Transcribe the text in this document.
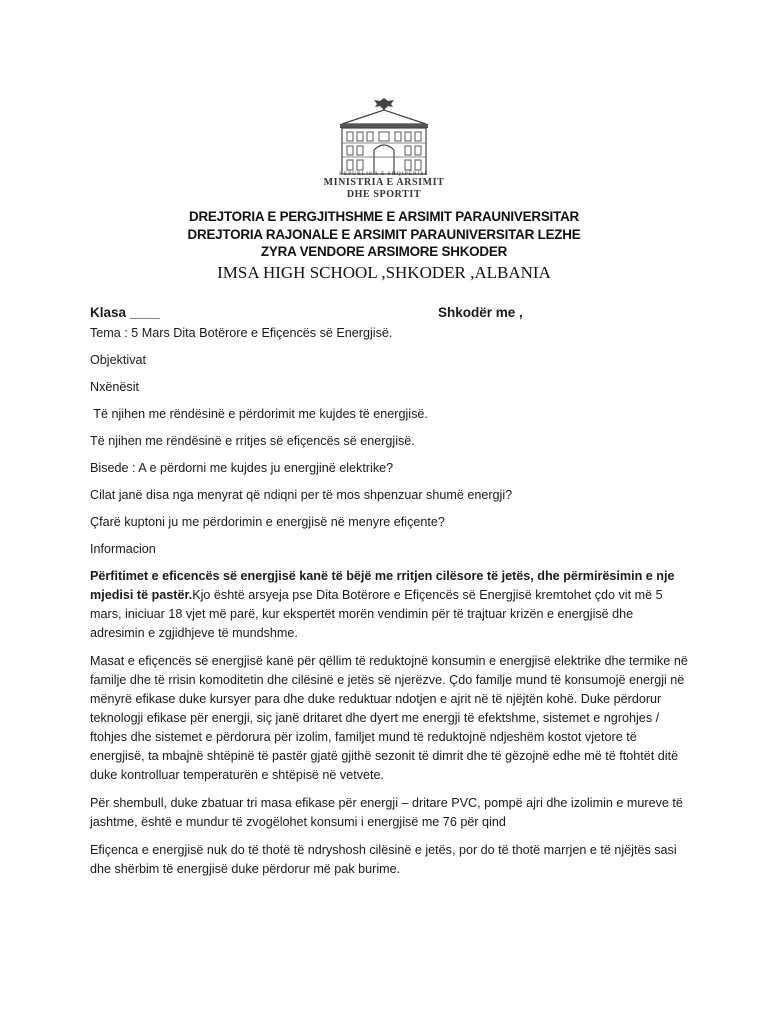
REPUBLIKA E SHQIPËRISË
MINISTRIA E ARSIMIT
DHE SPORTIT
DREJTORIA E PERGJITHSHME E ARSIMIT PARAUNIVERSITAR
DREJTORIA RAJONALE E ARSIMIT PARAUNIVERSITAR LEZHE
ZYRA VENDORE ARSIMORE SHKODER
IMSA HIGH SCHOOL ,SHKODER ,ALBANIA
Klasa ____	Shkodër me ,

Tema : 5 Mars Dita Botërore e Efiçencës së Energjisë.

Objektivat

Nxënësit

Të njihen me rëndësinë e përdorimit me kujdes të energjisë.

Të njihen me rëndësinë e rritjes së efiçencës së energjisë.

Bisede : A e përdorni me kujdes ju energjinë elektrike?

Cilat janë disa nga menyrat që ndiqni per të mos shpenzuar shumë energji?

Çfarë kuptoni ju me përdorimin e energjisë në menyre efiçente?

Informacion

Përfitimet e eficencës së energjisë kanë të bëjë me rritjen cilësore të jetës, dhe përmirësimin e nje mjedisi të pastër.Kjo është arsyeja pse Dita Botërore e Efiçencës së Energjisë kremtohet çdo vit më 5 mars, iniciuar 18 vjet më parë, kur ekspertët morën vendimin për të trajtuar krizën e energjisë dhe adresimin e zgjidhjeve të mundshme.

Masat e efiçencës së energjisë kanë për qëllim të reduktojnë konsumin e energjisë elektrike dhe termike në familje dhe të rrisin komoditetin dhe cilësinë e jetës së njerëzve. Çdo familje mund të konsumojë energji në mënyrë efikase duke kursyer para dhe duke reduktuar ndotjen e ajrit në të njëjtën kohë. Duke përdorur teknologji efikase për energji, siç janë dritaret dhe dyert me energji të efektshme, sistemet e ngrohjes / ftohjes dhe sistemet e përdorura për izolim, familjet mund të reduktojnë ndjeshëm kostot vjetore të energjisë, ta mbajnë shtëpinë të pastër gjatë gjithë sezonit të dimrit dhe të gëzojnë edhe më të ftohtët ditë duke kontrolluar temperaturën e shtëpisë në vetvete.

Për shembull, duke zbatuar tri masa efikase për energji – dritare PVC, pompë ajri dhe izolimin e mureve të jashtme, është e mundur të zvogëlohet konsumi i energjisë me 76 për qind

Efiçenca e energjisë nuk do të thotë të ndryshosh cilësinë e jetës, por do të thotë marrjen e të njëjtës sasi dhe shërbim të energjisë duke përdorur më pak burime.
